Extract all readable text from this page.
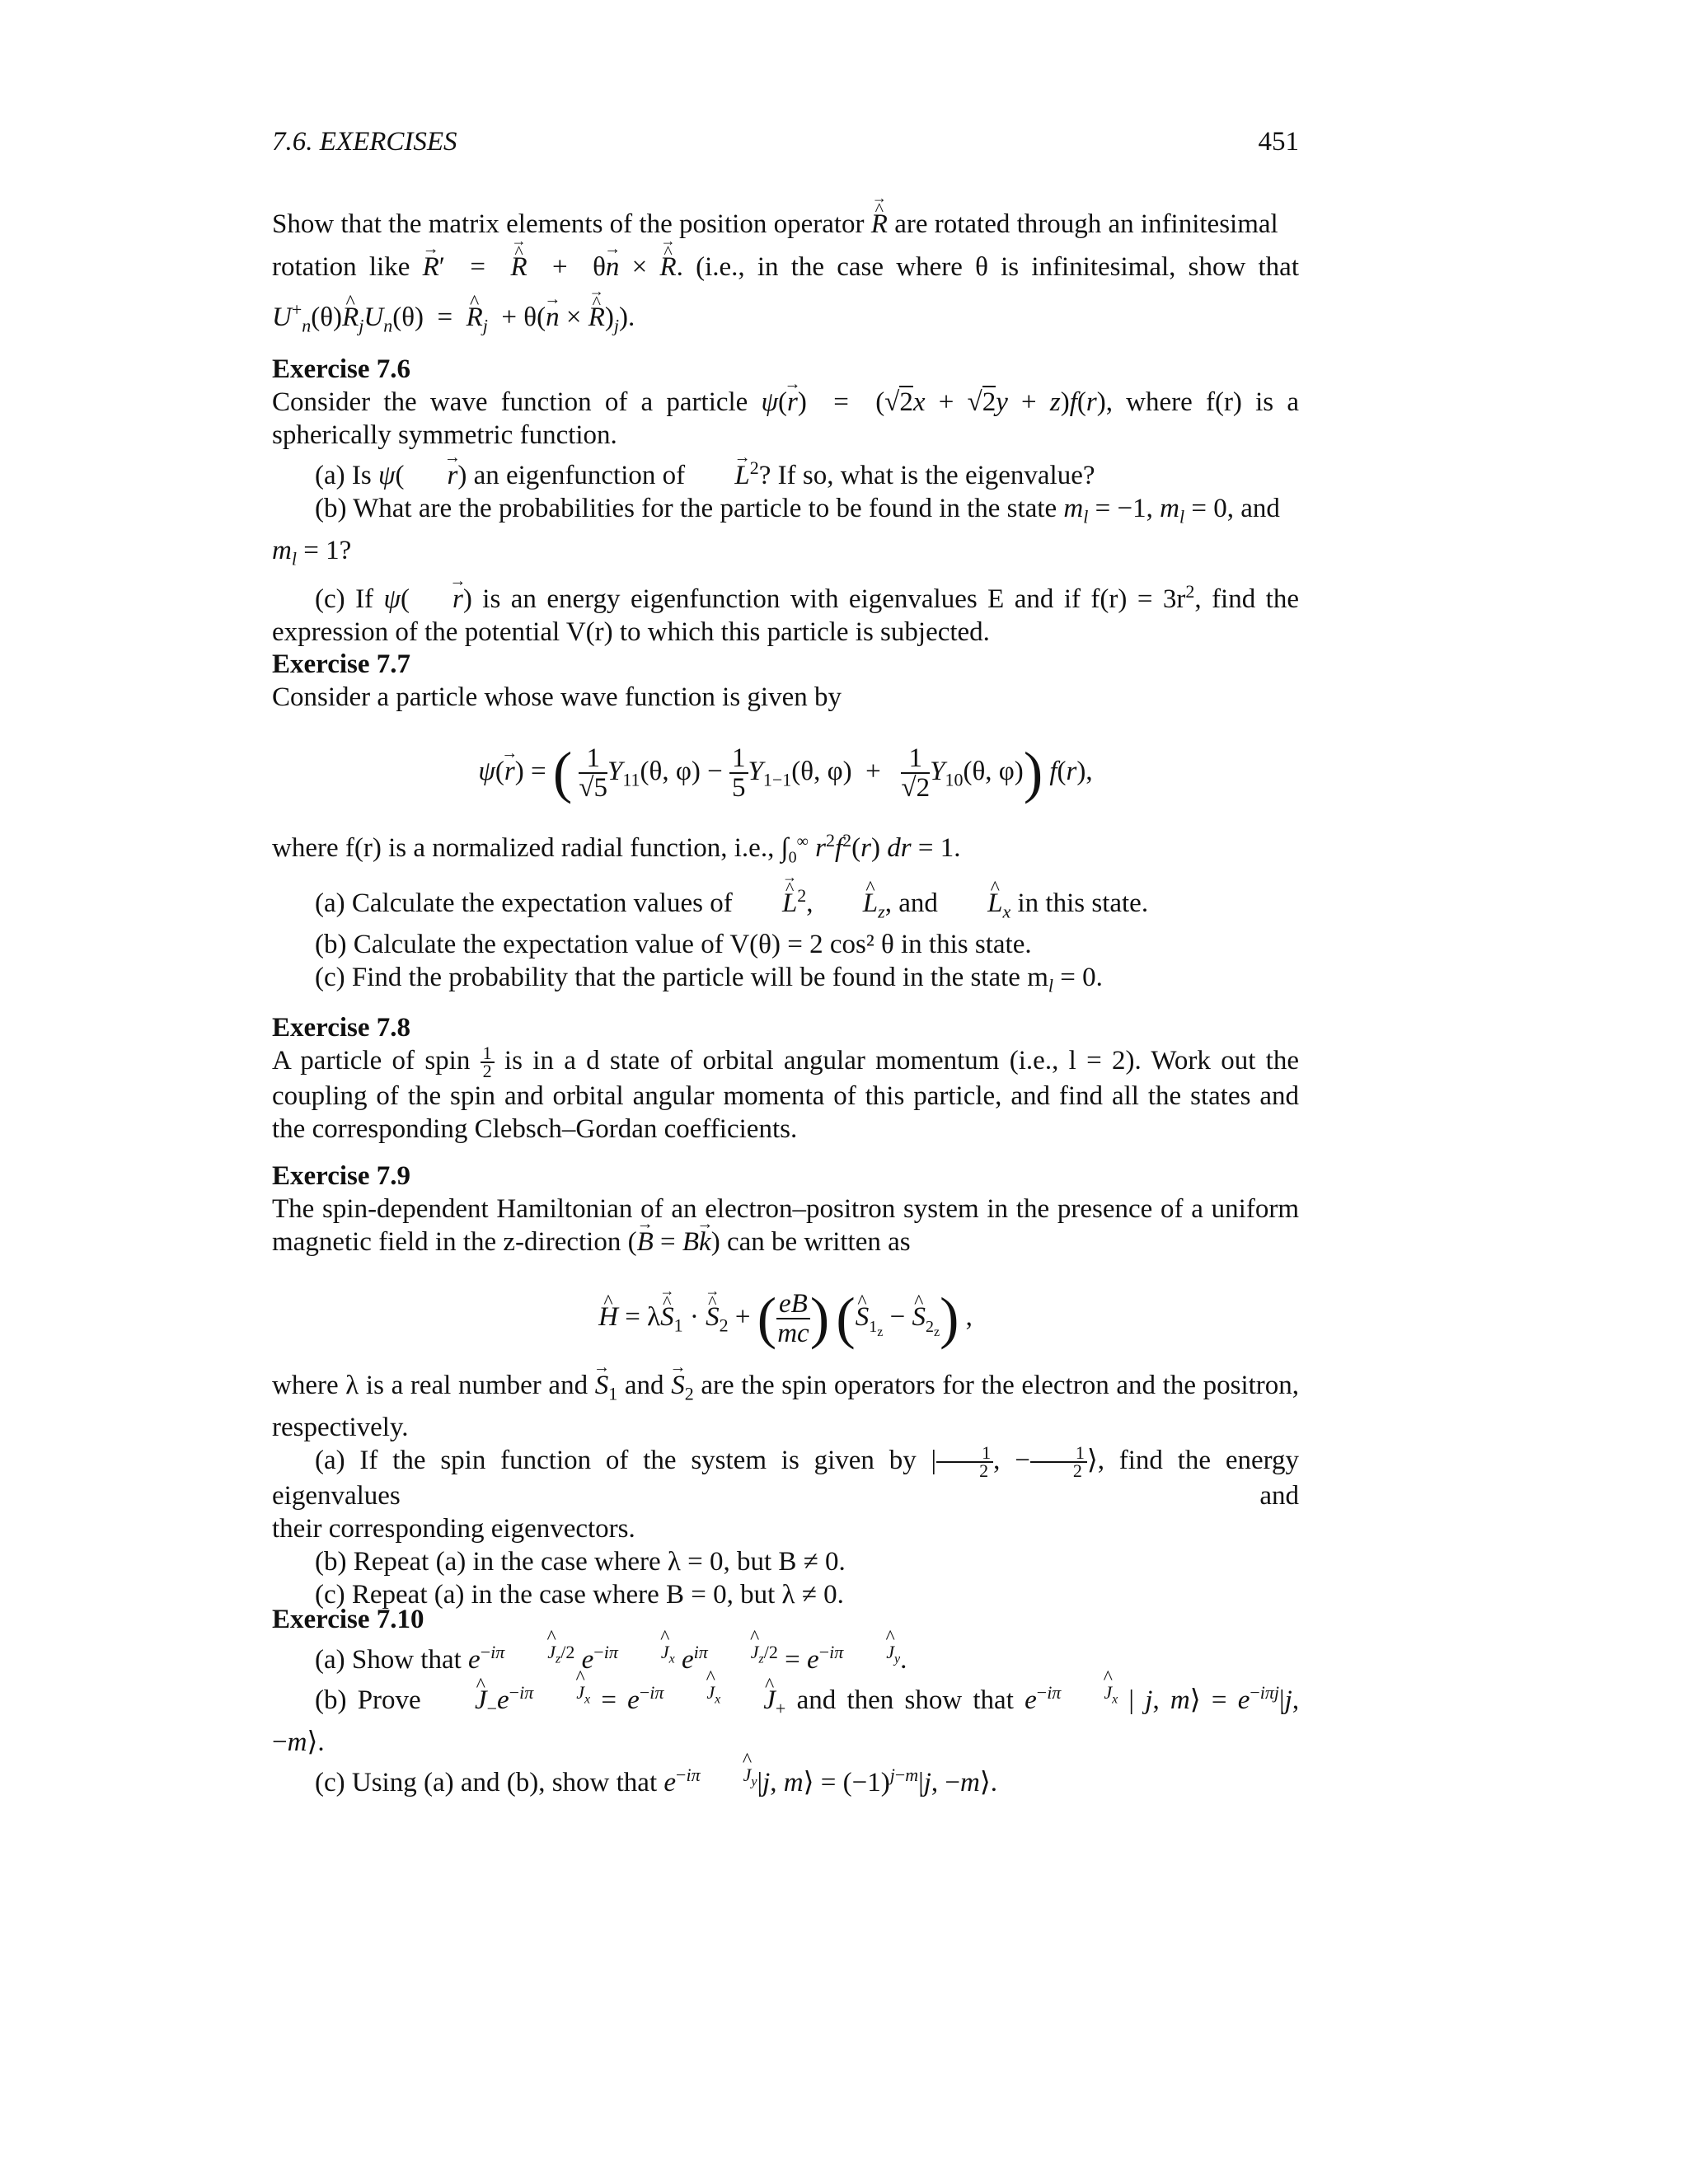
7.6. EXERCISES	451

Show that the matrix elements of the position operator → R ^ are rotated through an infinitesimal

rotation like → R′  =  → R ^  +  θ→ n × → R ^. (i.e., in the case where θ is infinitesimal, show that

$U^+_n(\theta)\^{}$ $R_jU_n(\theta)$  =  ^ $R_j + \theta(\to n$ × → R $\^{})_j$).

Exercise 7.6

Consider the wave function of a particle ψ(→ r)  =  (√2x + √2y + z)f(r), where f(r) is a

spherically symmetric function.

(a) Is ψ(→ r) an eigenfunction of → $L^2$? If so, what is the eigenvalue?

(b) What are the probabilities for the particle to be found in the state $m_l = -1$, $m_l = 0$, and

$m_l = 1$?

(c) If ψ(→ r) is an energy eigenfunction with eigenvalues E and if $f(r) = 3r^2$, find the

expression of the potential V(r) to which this particle is subjected.

Exercise 7.7

Consider a particle whose wave function is given by

ψ(→ r) = ( $\frac{1}{√5} Y_{11}(\theta$, $\varphi) - \frac{1}{5} Y_{1-1}(\theta$, $\varphi) + \frac{1}{√2} Y_{10}(\theta$, φ)) f(r),

where f(r) is a normalized radial function, i.e., $\int_0^\infty$ $r^2f^2(r)$ dr = 1.

(a) Calculate the expectation values of → L ^$^2$, ^ $L_z$, and ^ $L_x$ in this state.

(b) Calculate the expectation value of V(θ) = 2 cos² θ in this state.

(c) Find the probability that the particle will be found in the state $m_l = 0$.

Exercise 7.8

A particle of spin $\frac{1}{2}$ is in a d state of orbital angular momentum (i.e., l = 2). Work out the coupling of the spin and orbital angular momenta of this particle, and find all the states and the corresponding Clebsch–Gordan coefficients.

Exercise 7.9

The spin-dependent Hamiltonian of an electron–positron system in the presence of a uniform

magnetic field in the z-direction (→ B = B→ k) can be written as

^ H = λ→ S $\^{}_1$ · → S $\^{}_2$ + ( $\frac{eB}{mc}$ ) (^ $S_{1_z}$ − ^ $S_{2_z}$) ,

where λ is a real number and → $S_1$ and → $S_2$ are the spin operators for the electron and the positron,

respectively.

(a) If the spin function of the system is given by | $\frac{1}{2}$ , − $\frac{1}{2}$ ⟩, find the energy eigenvalues and

their corresponding eigenvectors.

(b) Repeat (a) in the case where λ = 0, but B ≠ 0.

(c) Repeat (a) in the case where B = 0, but λ ≠ 0.

Exercise 7.10

(a) Show that $e^{-i\pi\^{} J_z/2}$ $e^{-i\pi\^{} J_x}$ $e^{i\pi\^{} J_z/2} = e^{-i\pi\^{} J_y}$.

(b) Prove ^ $J_-e^{-i\pi\^{} J_x}$ = $e^{-i\pi\^{} J_x}\^{}$ $J_+$ and then show that $e^{-i\pi\^{} J_x}$ | j, m⟩ = $e^{-i\pi j}|j$, −m⟩.

(c) Using (a) and (b), show that $e^{-i\pi\^{} J_y}|j$, m⟩ = $(-1)^{j-m}|j$, −m⟩.
